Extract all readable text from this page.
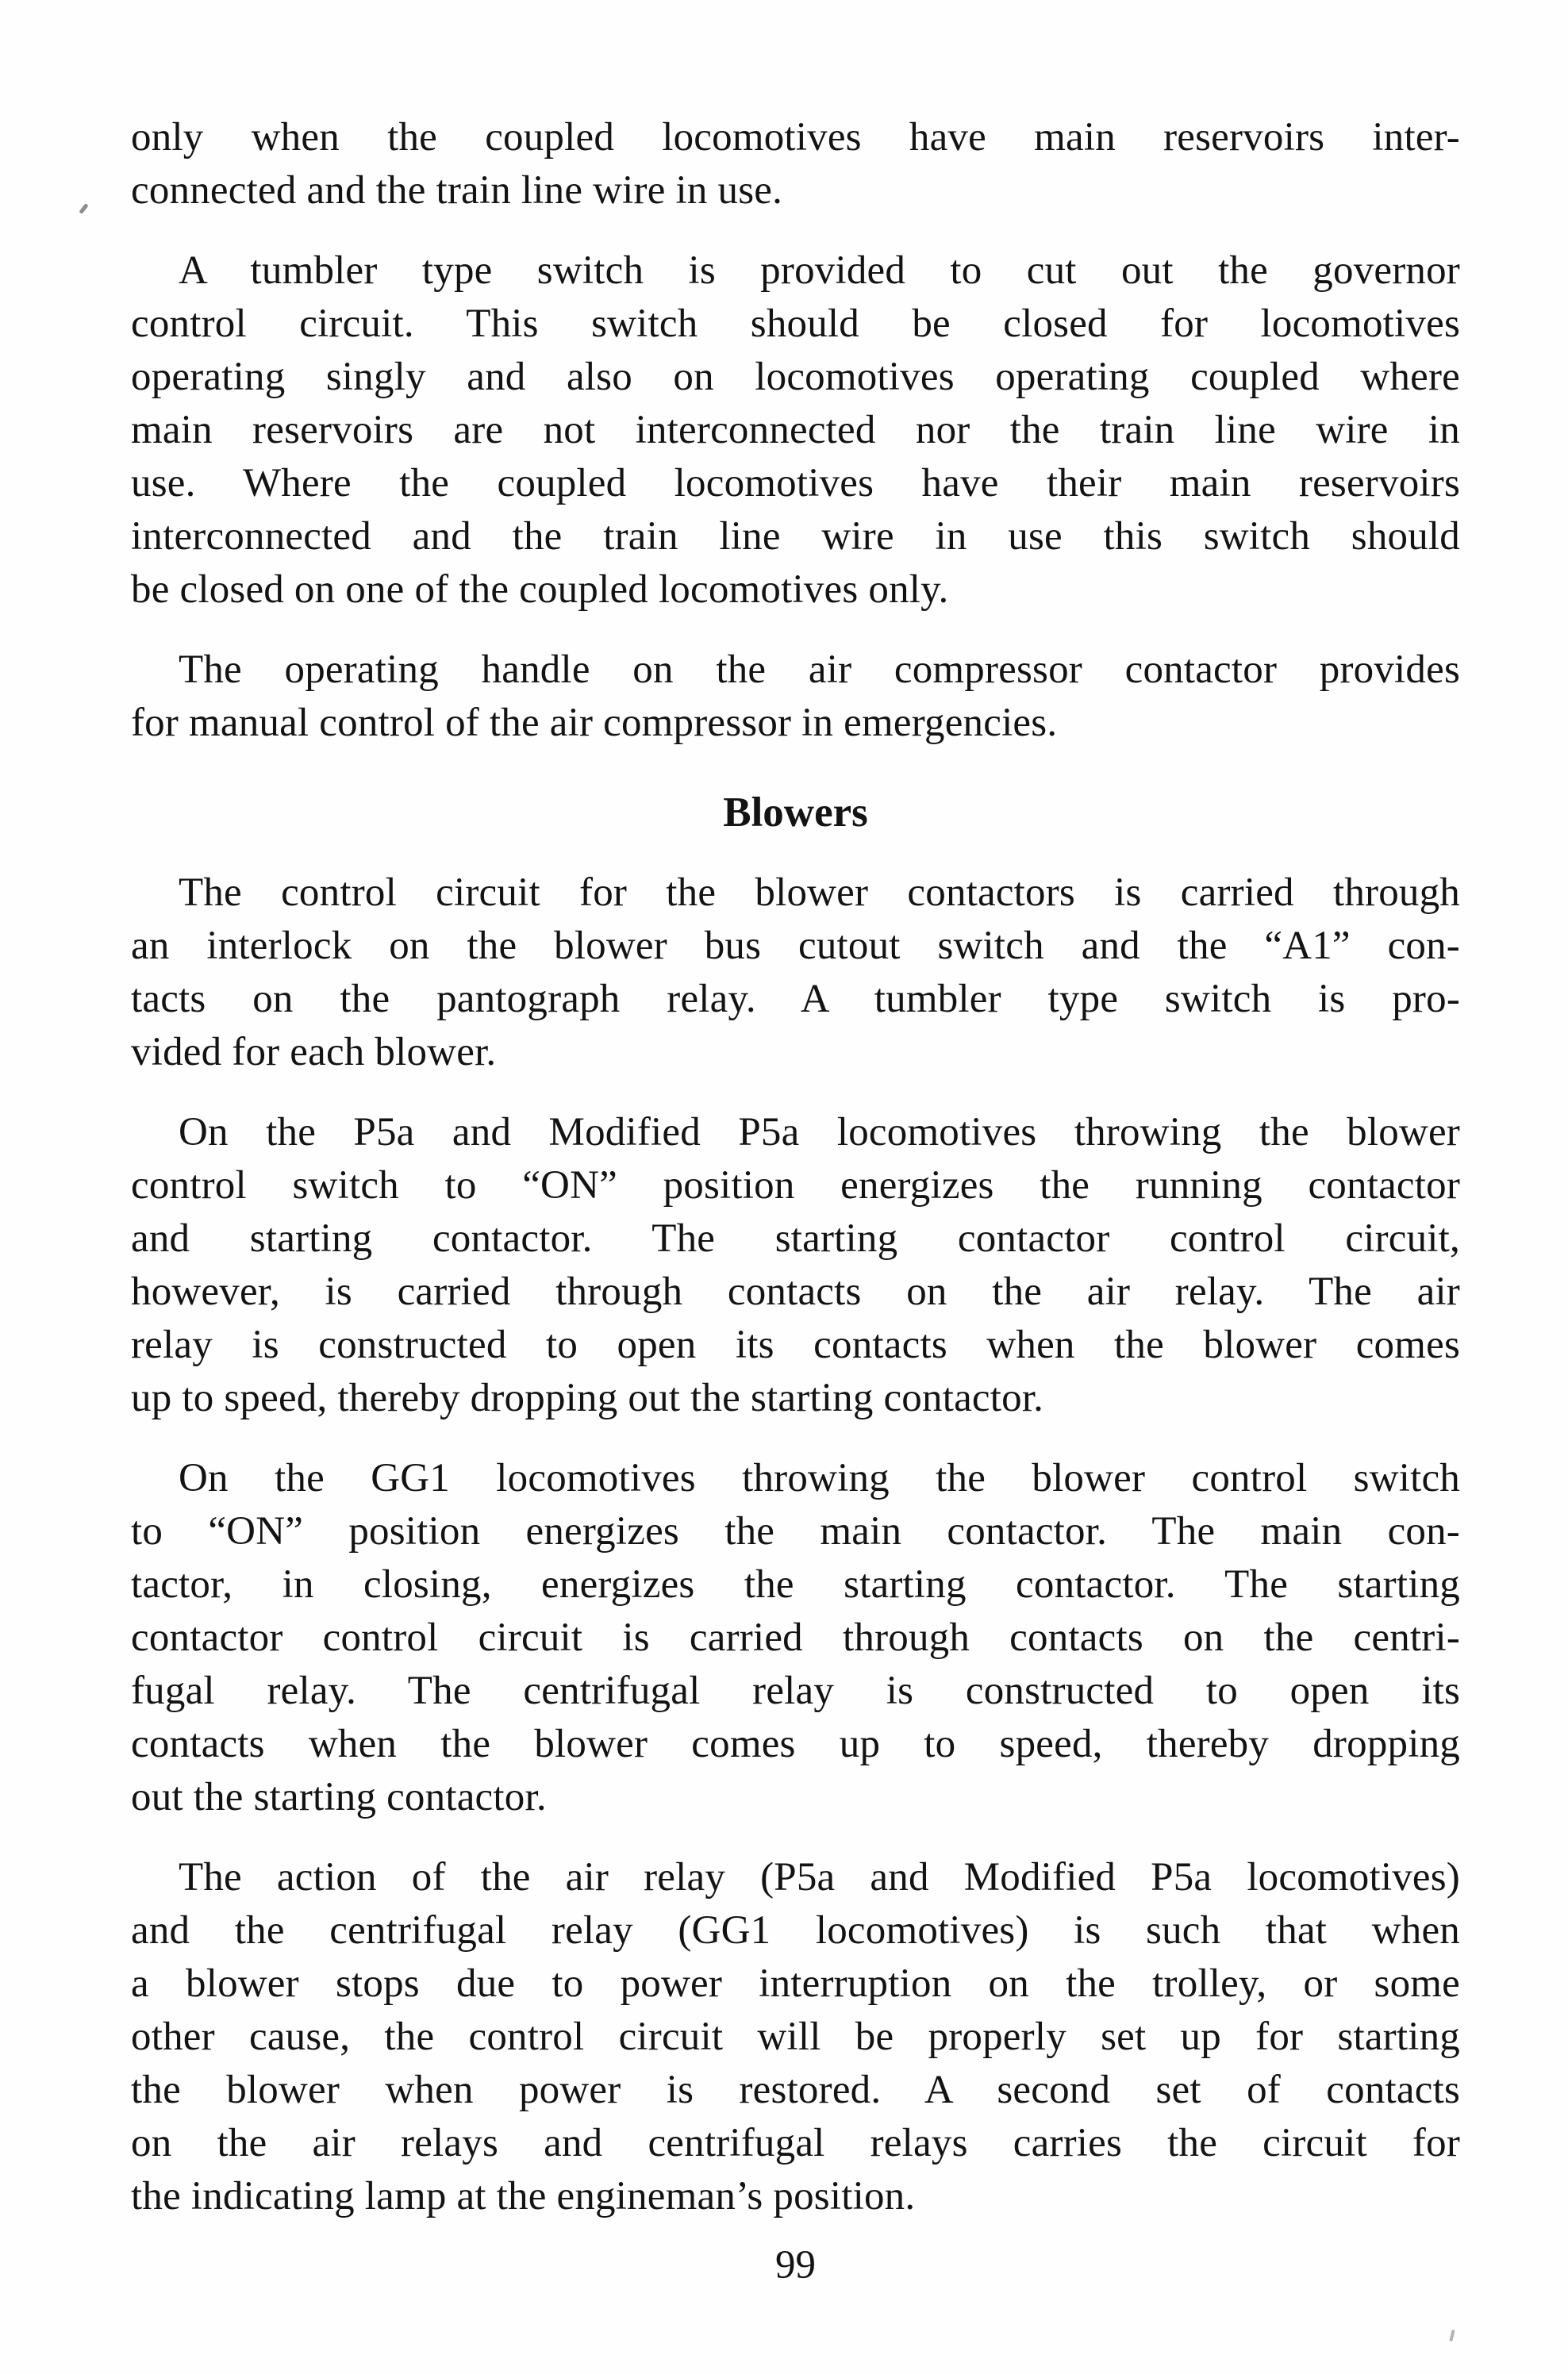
only when the coupled locomotives have main reservoirs inter-
connected and the train line wire in use.
A tumbler type switch is provided to cut out the governor
control circuit. This switch should be closed for locomotives
operating singly and also on locomotives operating coupled where
main reservoirs are not interconnected nor the train line wire in
use. Where the coupled locomotives have their main reservoirs
interconnected and the train line wire in use this switch should
be closed on one of the coupled locomotives only.
The operating handle on the air compressor contactor provides
for manual control of the air compressor in emergencies.
Blowers
The control circuit for the blower contactors is carried through
an interlock on the blower bus cutout switch and the “A1” con-
tacts on the pantograph relay. A tumbler type switch is pro-
vided for each blower.
On the P5a and Modified P5a locomotives throwing the blower
control switch to “ON” position energizes the running contactor
and starting contactor. The starting contactor control circuit,
however, is carried through contacts on the air relay. The air
relay is constructed to open its contacts when the blower comes
up to speed, thereby dropping out the starting contactor.
On the GG1 locomotives throwing the blower control switch
to “ON” position energizes the main contactor. The main con-
tactor, in closing, energizes the starting contactor. The starting
contactor control circuit is carried through contacts on the centri-
fugal relay. The centrifugal relay is constructed to open its
contacts when the blower comes up to speed, thereby dropping
out the starting contactor.
The action of the air relay (P5a and Modified P5a locomotives)
and the centrifugal relay (GG1 locomotives) is such that when
a blower stops due to power interruption on the trolley, or some
other cause, the control circuit will be properly set up for starting
the blower when power is restored. A second set of contacts
on the air relays and centrifugal relays carries the circuit for
the indicating lamp at the engineman’s position.
99
